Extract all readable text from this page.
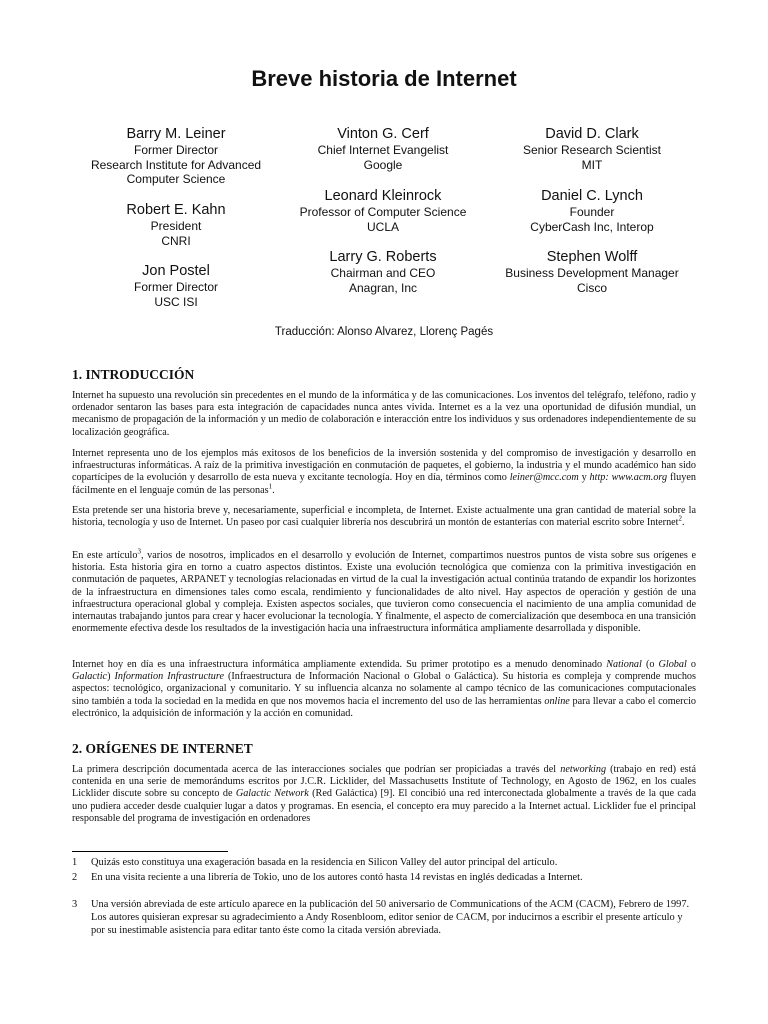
Breve historia de Internet
Barry M. Leiner
Former Director
Research Institute for Advanced
Computer Science
Vinton G. Cerf
Chief Internet Evangelist
Google
David D. Clark
Senior Research Scientist
MIT
Leonard Kleinrock
Professor of Computer Science
UCLA
Daniel C. Lynch
Founder
CyberCash Inc, Interop
Robert E. Kahn
President
CNRI
Larry G. Roberts
Chairman and CEO
Anagran, Inc
Stephen Wolff
Business Development Manager
Cisco
Jon Postel
Former Director
USC ISI
Traducción: Alonso Alvarez, Llorenç Pagés
1. INTRODUCCIÓN

Internet ha supuesto una revolución sin precedentes en el mundo de la informática y de las comunicaciones. Los inventos del telégrafo, teléfono, radio y ordenador sentaron las bases para esta integración de capacidades nunca antes vivida. Internet es a la vez una oportunidad de difusión mundial, un mecanismo de propagación de la información y un medio de colaboración e interacción entre los individuos y sus ordenadores independientemente de su localización geográfica.

Internet representa uno de los ejemplos más exitosos de los beneficios de la inversión sostenida y del compromiso de investigación y desarrollo en infraestructuras informáticas. A raíz de la primitiva investigación en conmutación de paquetes, el gobierno, la industria y el mundo académico han sido copartícipes de la evolución y desarrollo de esta nueva y excitante tecnología. Hoy en día, términos como leiner@mcc.com y http: www.acm.org fluyen fácilmente en el lenguaje común de las personas$^1$.

Esta pretende ser una historia breve y, necesariamente, superficial e incompleta, de Internet. Existe actualmente una gran cantidad de material sobre la historia, tecnología y uso de Internet. Un paseo por casi cualquier librería nos descubrirá un montón de estanterías con material escrito sobre Internet$^2$.

En este artículo$^3$, varios de nosotros, implicados en el desarrollo y evolución de Internet, compartimos nuestros puntos de vista sobre sus orígenes e historia. Esta historia gira en torno a cuatro aspectos distintos. Existe una evolución tecnológica que comienza con la primitiva investigación en conmutación de paquetes, ARPANET y tecnologías relacionadas en virtud de la cual la investigación actual continúa tratando de expandir los horizontes de la infraestructura en dimensiones tales como escala, rendimiento y funcionalidades de alto nivel. Hay aspectos de operación y gestión de una infraestructura operacional global y compleja. Existen aspectos sociales, que tuvieron como consecuencia el nacimiento de una amplia comunidad de internautas trabajando juntos para crear y hacer evolucionar la tecnología. Y finalmente, el aspecto de comercialización que desemboca en una transición enormemente efectiva desde los resultados de la investigación hacia una infraestructura informática ampliamente desarrollada y disponible.

Internet hoy en día es una infraestructura informática ampliamente extendida. Su primer prototipo es a menudo denominado National (o Global o Galactic) Information Infrastructure (Infraestructura de Información Nacional o Global o Galáctica). Su historia es compleja y comprende muchos aspectos: tecnológico, organizacional y comunitario. Y su influencia alcanza no solamente al campo técnico de las comunicaciones computacionales sino también a toda la sociedad en la medida en que nos movemos hacia el incremento del uso de las herramientas online para llevar a cabo el comercio electrónico, la adquisición de información y la acción en comunidad.

2. ORÍGENES DE INTERNET

La primera descripción documentada acerca de las interacciones sociales que podrían ser propiciadas a través del networking (trabajo en red) está contenida en una serie de memorándums escritos por J.C.R. Licklider, del Massachusetts Institute of Technology, en Agosto de 1962, en los cuales Licklider discute sobre su concepto de Galactic Network (Red Galáctica) [9]. El concibió una red interconectada globalmente a través de la que cada uno pudiera acceder desde cualquier lugar a datos y programas. En esencia, el concepto era muy parecido a la Internet actual. Licklider fue el principal responsable del programa de investigación en ordenadores

1 Quizás esto constituya una exageración basada en la residencia en Silicon Valley del autor principal del artículo.
2 En una visita reciente a una librería de Tokio, uno de los autores contó hasta 14 revistas en inglés dedicadas a Internet.
3 Una versión abreviada de este artículo aparece en la publicación del 50 aniversario de Communications of the ACM (CACM), Febrero de 1997. Los autores quisieran expresar su agradecimiento a Andy Rosenbloom, editor senior de CACM, por inducirnos a escribir el presente artículo y por su inestimable asistencia para editar tanto éste como la citada versión abreviada.
